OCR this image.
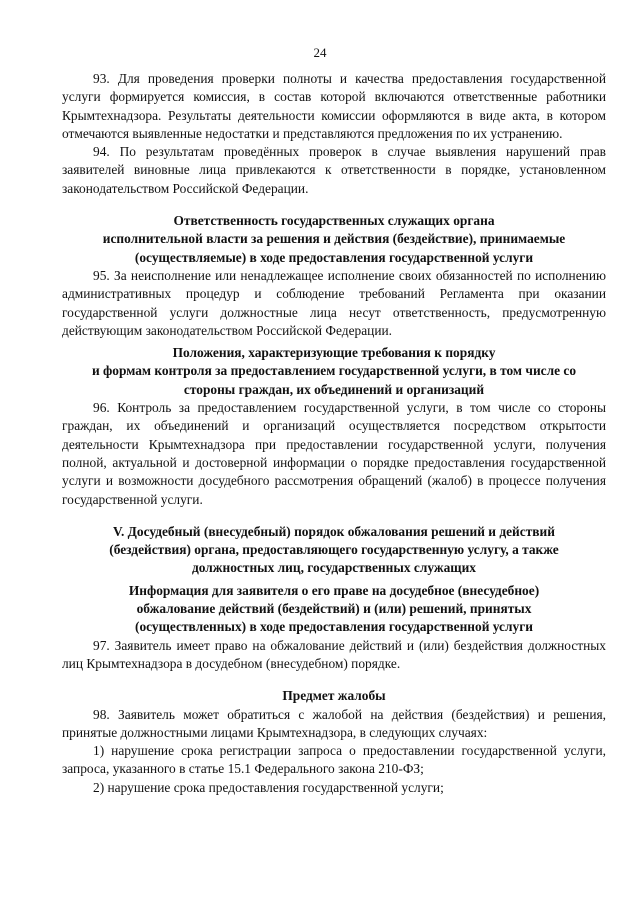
24

93. Для проведения проверки полноты и качества предоставления государственной услуги формируется комиссия, в состав которой включаются ответственные работники Крымтехнадзора. Результаты деятельности комиссии оформляются в виде акта, в котором отмечаются выявленные недостатки и представляются предложения по их устранению.

94. По результатам проведённых проверок в случае выявления нарушений прав заявителей виновные лица привлекаются к ответственности в порядке, установленном законодательством Российской Федерации.

Ответственность государственных служащих органа
исполнительной власти за решения и действия (бездействие), принимаемые
(осуществляемые) в ходе предоставления государственной услуги

95. За неисполнение или ненадлежащее исполнение своих обязанностей по исполнению административных процедур и соблюдение требований Регламента при оказании государственной услуги должностные лица несут ответственность, предусмотренную действующим законодательством Российской Федерации.

Положения, характеризующие требования к порядку
и формам контроля за предоставлением государственной услуги, в том числе со
стороны граждан, их объединений и организаций

96. Контроль за предоставлением государственной услуги, в том числе со стороны граждан, их объединений и организаций осуществляется посредством открытости деятельности Крымтехнадзора при предоставлении государственной услуги, получения полной, актуальной и достоверной информации о порядке предоставления государственной услуги и возможности досудебного рассмотрения обращений (жалоб) в процессе получения государственной услуги.

V. Досудебный (внесудебный) порядок обжалования решений и действий
(бездействия) органа, предоставляющего государственную услугу, а также
должностных лиц, государственных служащих
Информация для заявителя о его праве на досудебное (внесудебное)
обжалование действий (бездействий) и (или) решений, принятых
(осуществленных) в ходе предоставления государственной услуги

97. Заявитель имеет право на обжалование действий и (или) бездействия должностных лиц Крымтехнадзора в досудебном (внесудебном) порядке.

Предмет жалобы

98. Заявитель может обратиться с жалобой на действия (бездействия) и решения, принятые должностными лицами Крымтехнадзора, в следующих случаях:

1) нарушение срока регистрации запроса о предоставлении государственной услуги, запроса, указанного в статье 15.1 Федерального закона 210-ФЗ;

2) нарушение срока предоставления государственной услуги;
